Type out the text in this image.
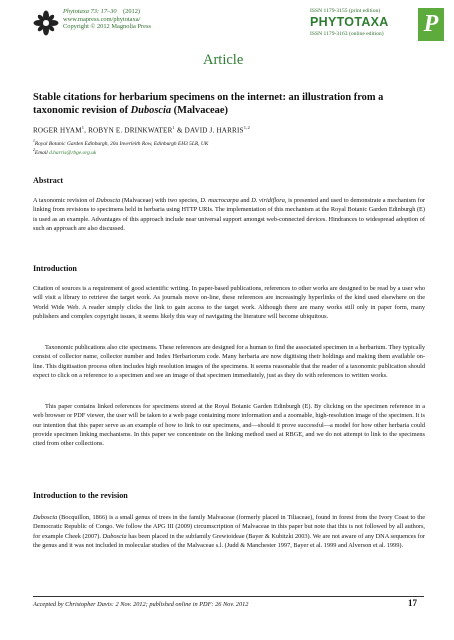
Phytotaxa 73: 17–30 (2012)
www.mapress.com/phytotaxa/
Copyright © 2012 Magnolia Press
ISSN 1179-3155 (print edition)
PHYTOTAXA
ISSN 1179-3163 (online edition) P
Article
Stable citations for herbarium specimens on the internet: an illustration from a taxonomic revision of Duboscia (Malvaceae)
ROGER HYAM$^1$, ROBYN E. DRINKWATER$^1$ & DAVID J. HARRIS$^{1,2}$
$^1$Royal Botanic Garden Edinburgh, 20a Inverleith Row, Edinburgh EH3 5LR, UK
$^2$Email d.harris@rbge.org.uk
Abstract
A taxonomic revision of Duboscia (Malvaceae) with two species, D. macrocarpa and D. viridiflora, is presented and used to demonstrate a mechanism for linking from revisions to specimens held in herbaria using HTTP URIs. The implementation of this mechanism at the Royal Botanic Garden Edinburgh (E) is used as an example. Advantages of this approach include near universal support amongst web-connected devices. Hindrances to widespread adoption of such an approach are also discussed.
Introduction
Citation of sources is a requirement of good scientific writing. In paper-based publications, references to other works are designed to be read by a user who will visit a library to retrieve the target work. As journals move on-line, these references are increasingly hyperlinks of the kind used elsewhere on the World Wide Web. A reader simply clicks the link to gain access to the target work. Although there are many works still only in paper form, many publishers and complex copyright issues, it seems likely this way of navigating the literature will become ubiquitous.
Taxonomic publications also cite specimens. These references are designed for a human to find the associated specimen in a herbarium. They typically consist of collector name, collector number and Index Herbariorum code. Many herbaria are now digitising their holdings and making them available on-line. This digitisation process often includes high resolution images of the specimens. It seems reasonable that the reader of a taxonomic publication should expect to click on a reference to a specimen and see an image of that specimen immediately, just as they do with references to written works.
This paper contains linked references for specimens stored at the Royal Botanic Garden Edinburgh (E). By clicking on the specimen reference in a web browser or PDF viewer, the user will be taken to a web page containing more information and a zoomable, high-resolution image of the specimen. It is our intention that this paper serve as an example of how to link to our specimens, and—should it prove successful—a model for how other herbaria could provide specimen linking mechanisms. In this paper we concentrate on the linking method used at RBGE, and we do not attempt to link to the specimens cited from other collections.
Introduction to the revision
Duboscia (Bocquillon, 1866) is a small genus of trees in the family Malvaceae (formerly placed in Tiliaceae), found in forest from the Ivory Coast to the Democratic Republic of Congo. We follow the APG III (2009) circumscription of Malvaceae in this paper but note that this is not followed by all authors, for example Cheek (2007). Duboscia has been placed in the subfamily Grewioideae (Bayer & Kubitzki 2003). We are not aware of any DNA sequences for the genus and it was not included in molecular studies of the Malvaceae s.l. (Judd & Manchester 1997, Bayer et al. 1999 and Alverson et al. 1999).
Accepted by Christopher Davis: 2 Nov. 2012; published online in PDF: 26 Nov. 2012	17
